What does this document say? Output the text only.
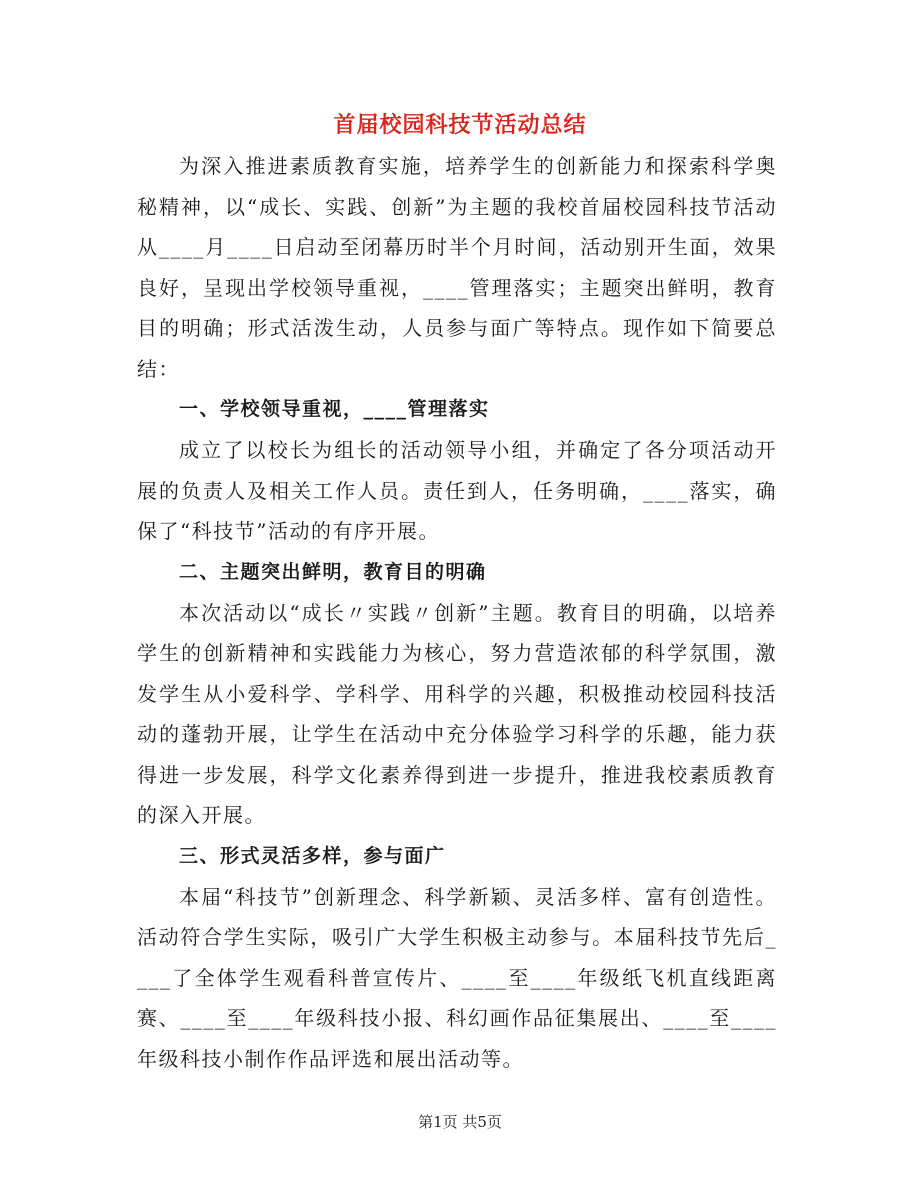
首届校园科技节活动总结

为深入推进素质教育实施，培养学生的创新能力和探索科学奥秘精神，以“成长、实践、创新”为主题的我校首届校园科技节活动从____月____日启动至闭幕历时半个月时间，活动别开生面，效果良好，呈现出学校领导重视，____管理落实；主题突出鲜明，教育目的明确；形式活泼生动，人员参与面广等特点。现作如下简要总结：

一、学校领导重视，____管理落实

成立了以校长为组长的活动领导小组，并确定了各分项活动开展的负责人及相关工作人员。责任到人，任务明确，____落实，确保了“科技节”活动的有序开展。

二、主题突出鲜明，教育目的明确

本次活动以“成长〃实践〃创新”主题。教育目的明确，以培养学生的创新精神和实践能力为核心，努力营造浓郁的科学氛围，激发学生从小爱科学、学科学、用科学的兴趣，积极推动校园科技活动的蓬勃开展，让学生在活动中充分体验学习科学的乐趣，能力获得进一步发展，科学文化素养得到进一步提升，推进我校素质教育的深入开展。

三、形式灵活多样，参与面广

本届“科技节”创新理念、科学新颖、灵活多样、富有创造性。活动符合学生实际，吸引广大学生积极主动参与。本届科技节先后____了全体学生观看科普宣传片、____至____年级纸飞机直线距离赛、____至____年级科技小报、科幻画作品征集展出、____至____年级科技小制作作品评选和展出活动等。

第1页 共5页
